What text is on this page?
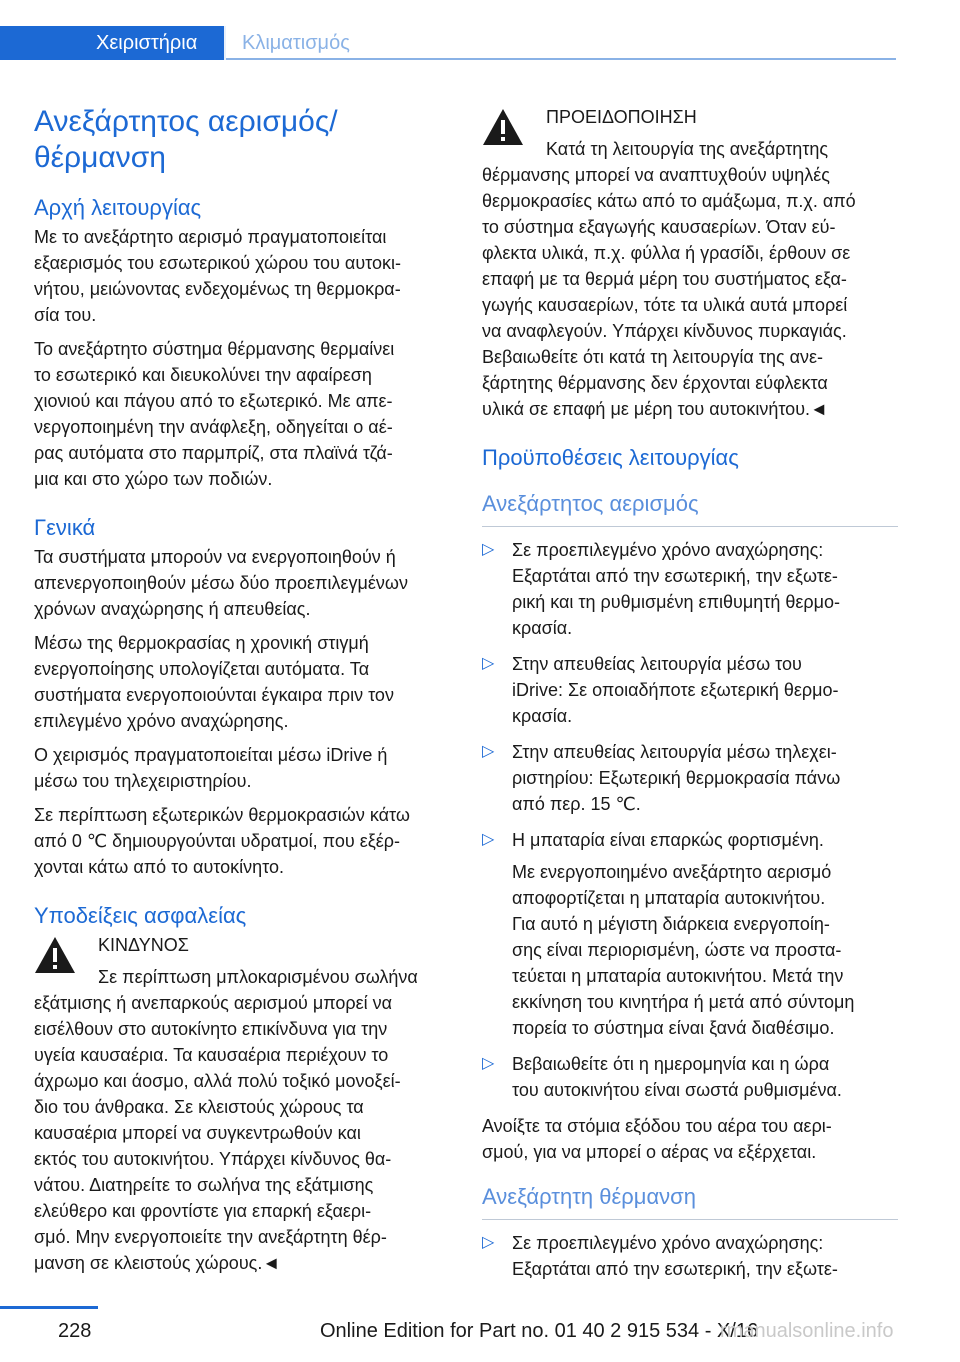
Χειριστήρια	Κλιματισμός
Ανεξάρτητος αερισμός/
θέρμανση
Αρχή λειτουργίας
Με το ανεξάρτητο αερισμό πραγματοποιείται
εξαερισμός του εσωτερικού χώρου του αυτοκι‐
νήτου, μειώνοντας ενδεχομένως τη θερμοκρα‐
σία του.
Το ανεξάρτητο σύστημα θέρμανσης θερμαίνει
το εσωτερικό και διευκολύνει την αφαίρεση
χιονιού και πάγου από το εξωτερικό. Με απε‐
νεργοποιημένη την ανάφλεξη, οδηγείται ο αέ‐
ρας αυτόματα στο παρμπρίζ, στα πλαϊνά τζά‐
μια και στο χώρο των ποδιών.
Γενικά
Τα συστήματα μπορούν να ενεργοποιηθούν ή
απενεργοποιηθούν μέσω δύο προεπιλεγμένων
χρόνων αναχώρησης ή απευθείας.
Μέσω της θερμοκρασίας η χρονική στιγμή
ενεργοποίησης υπολογίζεται αυτόματα. Τα
συστήματα ενεργοποιούνται έγκαιρα πριν τον
επιλεγμένο χρόνο αναχώρησης.
Ο χειρισμός πραγματοποιείται μέσω iDrive ή
μέσω του τηλεχειριστηρίου.
Σε περίπτωση εξωτερικών θερμοκρασιών κάτω
από 0 ℃ δημιουργούνται υδρατμοί, που εξέρ‐
χονται κάτω από το αυτοκίνητο.
Υποδείξεις ασφαλείας
ΚΙΝΔΥΝΟΣ
Σε περίπτωση μπλοκαρισμένου σωλήνα
εξάτμισης ή ανεπαρκούς αερισμού μπορεί να
εισέλθουν στο αυτοκίνητο επικίνδυνα για την
υγεία καυσαέρια. Τα καυσαέρια περιέχουν το
άχρωμο και άοσμο, αλλά πολύ τοξικό μονοξεί‐
διο του άνθρακα. Σε κλειστούς χώρους τα
καυσαέρια μπορεί να συγκεντρωθούν και
εκτός του αυτοκινήτου. Υπάρχει κίνδυνος θα‐
νάτου. Διατηρείτε το σωλήνα της εξάτμισης
ελεύθερο και φροντίστε για επαρκή εξαερι‐
σμό. Μην ενεργοποιείτε την ανεξάρτητη θέρ‐
μανση σε κλειστούς χώρους.◄
ΠΡΟΕΙΔΟΠΟΙΗΣΗ
Κατά τη λειτουργία της ανεξάρτητης
θέρμανσης μπορεί να αναπτυχθούν υψηλές
θερμοκρασίες κάτω από το αμάξωμα, π.χ. από
το σύστημα εξαγωγής καυσαερίων. Όταν εύ‐
φλεκτα υλικά, π.χ. φύλλα ή γρασίδι, έρθουν σε
επαφή με τα θερμά μέρη του συστήματος εξα‐
γωγής καυσαερίων, τότε τα υλικά αυτά μπορεί
να αναφλεγούν. Υπάρχει κίνδυνος πυρκαγιάς.
Βεβαιωθείτε ότι κατά τη λειτουργία της ανε‐
ξάρτητης θέρμανσης δεν έρχονται εύφλεκτα
υλικά σε επαφή με μέρη του αυτοκινήτου.◄
Προϋποθέσεις λειτουργίας
Ανεξάρτητος αερισμός
▷ Σε προεπιλεγμένο χρόνο αναχώρησης:
Εξαρτάται από την εσωτερική, την εξωτε‐
ρική και τη ρυθμισμένη επιθυμητή θερμο‐
κρασία.
▷ Στην απευθείας λειτουργία μέσω του
iDrive: Σε οποιαδήποτε εξωτερική θερμο‐
κρασία.
▷ Στην απευθείας λειτουργία μέσω τηλεχει‐
ριστηρίου: Εξωτερική θερμοκρασία πάνω
από περ. 15 ℃.
▷ Η μπαταρία είναι επαρκώς φορτισμένη.
Με ενεργοποιημένο ανεξάρτητο αερισμό
αποφορτίζεται η μπαταρία αυτοκινήτου.
Για αυτό η μέγιστη διάρκεια ενεργοποίη‐
σης είναι περιορισμένη, ώστε να προστα‐
τεύεται η μπαταρία αυτοκινήτου. Μετά την
εκκίνηση του κινητήρα ή μετά από σύντομη
πορεία το σύστημα είναι ξανά διαθέσιμο.
▷ Βεβαιωθείτε ότι η ημερομηνία και η ώρα
του αυτοκινήτου είναι σωστά ρυθμισμένα.
Ανοίξτε τα στόμια εξόδου του αέρα του αερι‐
σμού, για να μπορεί ο αέρας να εξέρχεται.
Ανεξάρτητη θέρμανση
▷ Σε προεπιλεγμένο χρόνο αναχώρησης:
Εξαρτάται από την εσωτερική, την εξωτε‐
228	Online Edition for Part no. 01 40 2 915 534 - X/16
rmanualsonline.info
